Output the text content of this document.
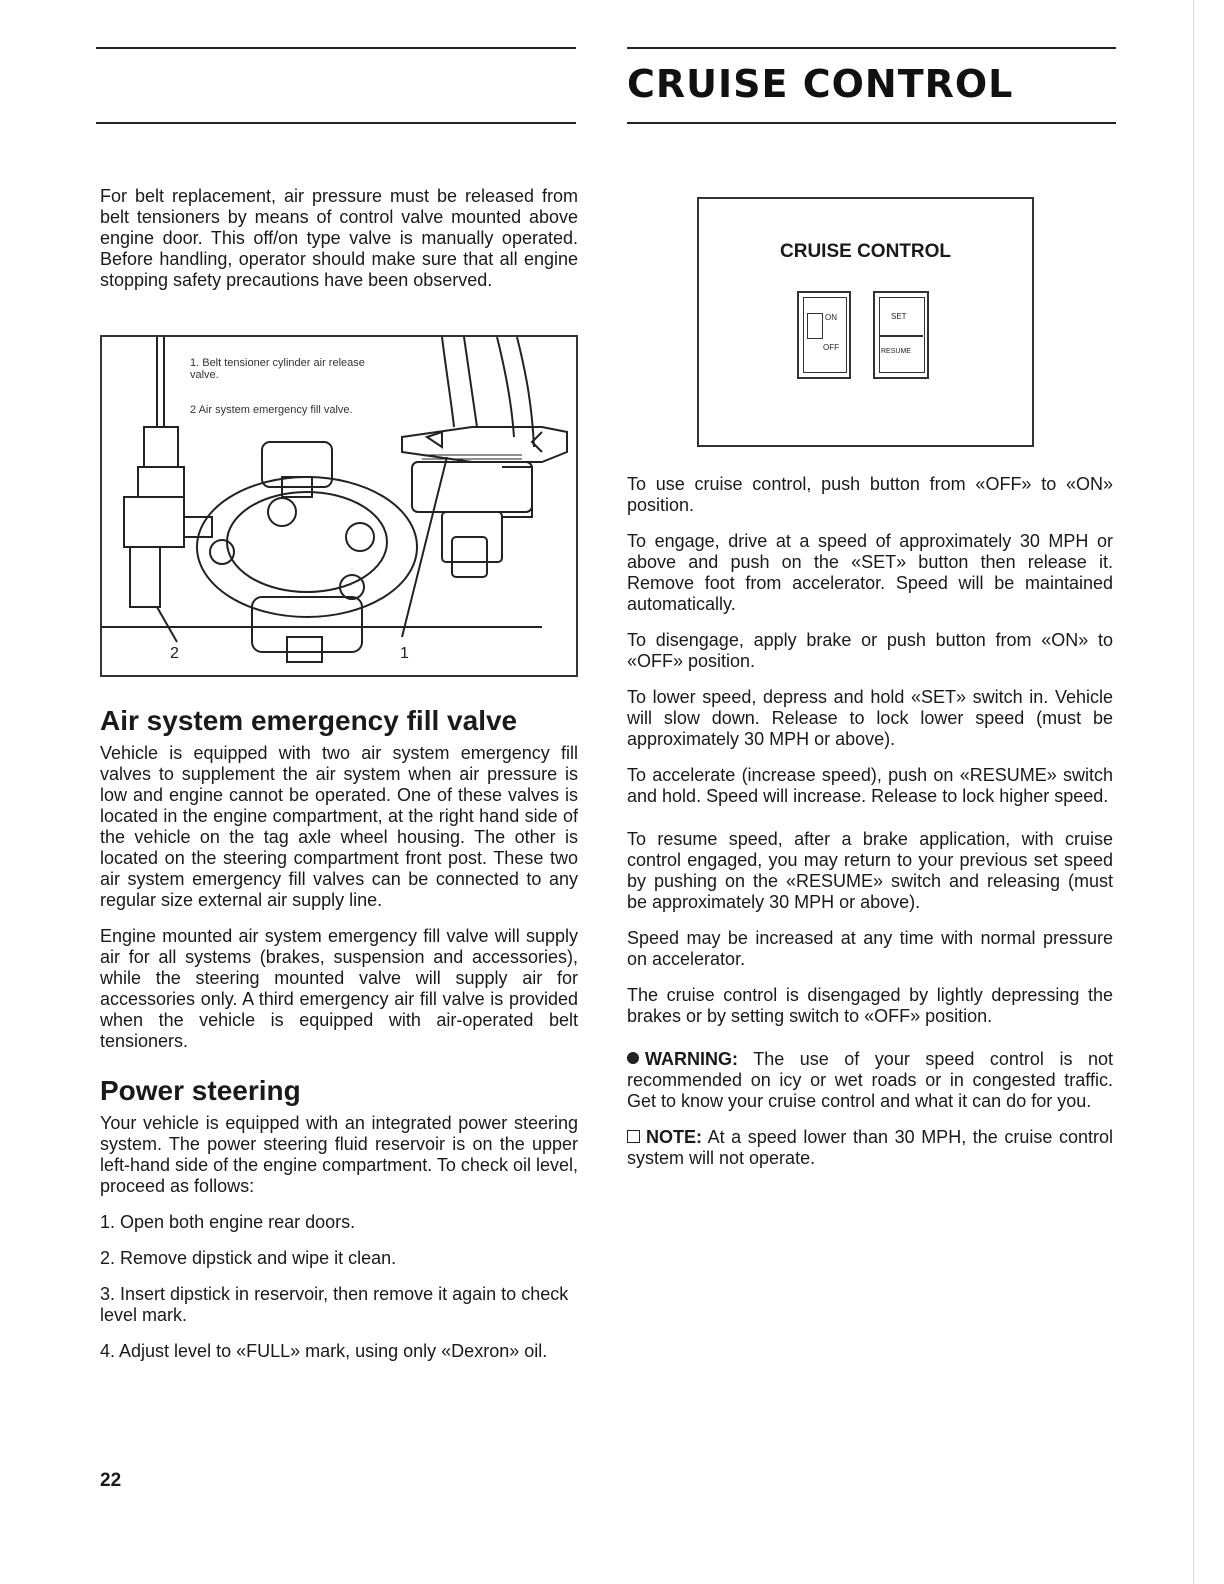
CRUISE CONTROL

For belt replacement, air pressure must be released from belt tensioners by means of control valve mounted above engine door. This off/on type valve is manually operated. Before handling, operator should make sure that all engine stopping safety precautions have been observed.

1. Belt tensioner cylinder air release valve.
2 Air system emergency fill valve.
2	1
Air system emergency fill valve

Vehicle is equipped with two air system emergency fill valves to supplement the air system when air pressure is low and engine cannot be operated. One of these valves is located in the engine compartment, at the right hand side of the vehicle on the tag axle wheel housing. The other is located on the steering compartment front post. These two air system emergency fill valves can be connected to any regular size external air supply line.

Engine mounted air system emergency fill valve will supply air for all systems (brakes, suspension and accessories), while the steering mounted valve will supply air for accessories only. A third emergency air fill valve is provided when the vehicle is equipped with air-operated belt tensioners.

Power steering

Your vehicle is equipped with an integrated power steering system. The power steering fluid reservoir is on the upper left-hand side of the engine compartment. To check oil level, proceed as follows:

1. Open both engine rear doors.

2. Remove dipstick and wipe it clean.

3. Insert dipstick in reservoir, then remove it again to check level mark.

4. Adjust level to «FULL» mark, using only «Dexron» oil.

22
CRUISE CONTROL
ON
OFF
SET
RESUME

To use cruise control, push button from «OFF» to «ON» position.

To engage, drive at a speed of approximately 30 MPH or above and push on the «SET» button then release it. Remove foot from accelerator. Speed will be maintained automatically.

To disengage, apply brake or push button from «ON» to «OFF» position.

To lower speed, depress and hold «SET» switch in. Vehicle will slow down. Release to lock lower speed (must be approximately 30 MPH or above).

To accelerate (increase speed), push on «RESUME» switch and hold. Speed will increase. Release to lock higher speed.

To resume speed, after a brake application, with cruise control engaged, you may return to your previous set speed by pushing on the «RESUME» switch and releasing (must be approximately 30 MPH or above).

Speed may be increased at any time with normal pressure on accelerator.

The cruise control is disengaged by lightly depressing the brakes or by setting switch to «OFF» position.

WARNING: The use of your speed control is not recommended on icy or wet roads or in congested traffic. Get to know your cruise control and what it can do for you.

NOTE: At a speed lower than 30 MPH, the cruise control system will not operate.
